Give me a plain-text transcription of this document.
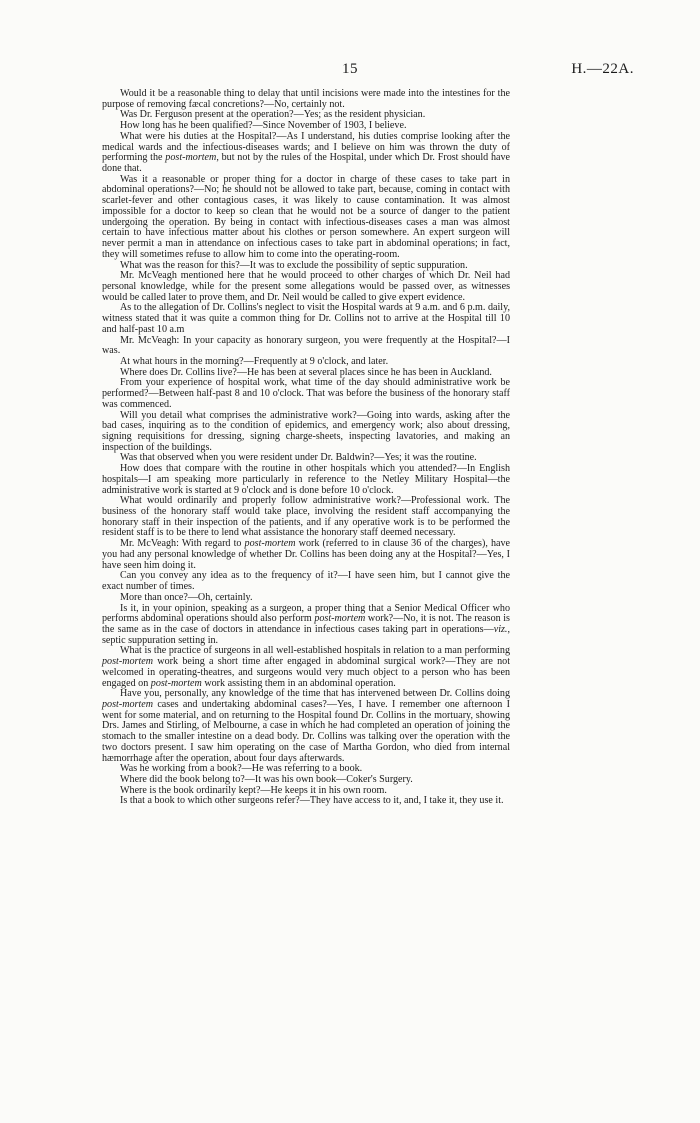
15	H.—22A.

Would it be a reasonable thing to delay that until incisions were made into the intestines for the purpose of removing fæcal concretions?—No, certainly not.

Was Dr. Ferguson present at the operation?—Yes; as the resident physician.

How long has he been qualified?—Since November of 1903, I believe.

What were his duties at the Hospital?—As I understand, his duties comprise looking after the medical wards and the infectious-diseases wards; and I believe on him was thrown the duty of performing the post-mortem, but not by the rules of the Hospital, under which Dr. Frost should have done that.

Was it a reasonable or proper thing for a doctor in charge of these cases to take part in abdominal operations?—No; he should not be allowed to take part, because, coming in contact with scarlet-fever and other contagious cases, it was likely to cause contamination. It was almost impossible for a doctor to keep so clean that he would not be a source of danger to the patient undergoing the operation. By being in contact with infectious-diseases cases a man was almost certain to have infectious matter about his clothes or person somewhere. An expert surgeon will never permit a man in attendance on infectious cases to take part in abdominal operations; in fact, they will sometimes refuse to allow him to come into the operating-room.

What was the reason for this?—It was to exclude the possibility of septic suppuration.

Mr. McVeagh mentioned here that he would proceed to other charges of which Dr. Neil had personal knowledge, while for the present some allegations would be passed over, as witnesses would be called later to prove them, and Dr. Neil would be called to give expert evidence.

As to the allegation of Dr. Collins's neglect to visit the Hospital wards at 9 a.m. and 6 p.m. daily, witness stated that it was quite a common thing for Dr. Collins not to arrive at the Hospital till 10 and half-past 10 a.m

Mr. McVeagh: In your capacity as honorary surgeon, you were frequently at the Hospital?—I was.

At what hours in the morning?—Frequently at 9 o'clock, and later.

Where does Dr. Collins live?—He has been at several places since he has been in Auckland.

From your experience of hospital work, what time of the day should administrative work be performed?—Between half-past 8 and 10 o'clock. That was before the business of the honorary staff was commenced.

Will you detail what comprises the administrative work?—Going into wards, asking after the bad cases, inquiring as to the condition of epidemics, and emergency work; also about dressing, signing requisitions for dressing, signing charge-sheets, inspecting lavatories, and making an inspection of the buildings.

Was that observed when you were resident under Dr. Baldwin?—Yes; it was the routine.

How does that compare with the routine in other hospitals which you attended?—In English hospitals—I am speaking more particularly in reference to the Netley Military Hospital—the administrative work is started at 9 o'clock and is done before 10 o'clock.

What would ordinarily and properly follow administrative work?—Professional work. The business of the honorary staff would take place, involving the resident staff accompanying the honorary staff in their inspection of the patients, and if any operative work is to be performed the resident staff is to be there to lend what assistance the honorary staff deemed necessary.

Mr. McVeagh: With regard to post-mortem work (referred to in clause 36 of the charges), have you had any personal knowledge of whether Dr. Collins has been doing any at the Hospital?—Yes, I have seen him doing it.

Can you convey any idea as to the frequency of it?—I have seen him, but I cannot give the exact number of times.

More than once?—Oh, certainly.

Is it, in your opinion, speaking as a surgeon, a proper thing that a Senior Medical Officer who performs abdominal operations should also perform post-mortem work?—No, it is not. The reason is the same as in the case of doctors in attendance in infectious cases taking part in operations—viz., septic suppuration setting in.

What is the practice of surgeons in all well-established hospitals in relation to a man performing post-mortem work being a short time after engaged in abdominal surgical work?—They are not welcomed in operating-theatres, and surgeons would very much object to a person who has been engaged on post-mortem work assisting them in an abdominal operation.

Have you, personally, any knowledge of the time that has intervened between Dr. Collins doing post-mortem cases and undertaking abdominal cases?—Yes, I have. I remember one afternoon I went for some material, and on returning to the Hospital found Dr. Collins in the mortuary, showing Drs. James and Stirling, of Melbourne, a case in which he had completed an operation of joining the stomach to the smaller intestine on a dead body. Dr. Collins was talking over the operation with the two doctors present. I saw him operating on the case of Martha Gordon, who died from internal hæmorrhage after the operation, about four days afterwards.

Was he working from a book?—He was referring to a book.

Where did the book belong to?—It was his own book—Coker's Surgery.

Where is the book ordinarily kept?—He keeps it in his own room.

Is that a book to which other surgeons refer?—They have access to it, and, I take it, they use it.
